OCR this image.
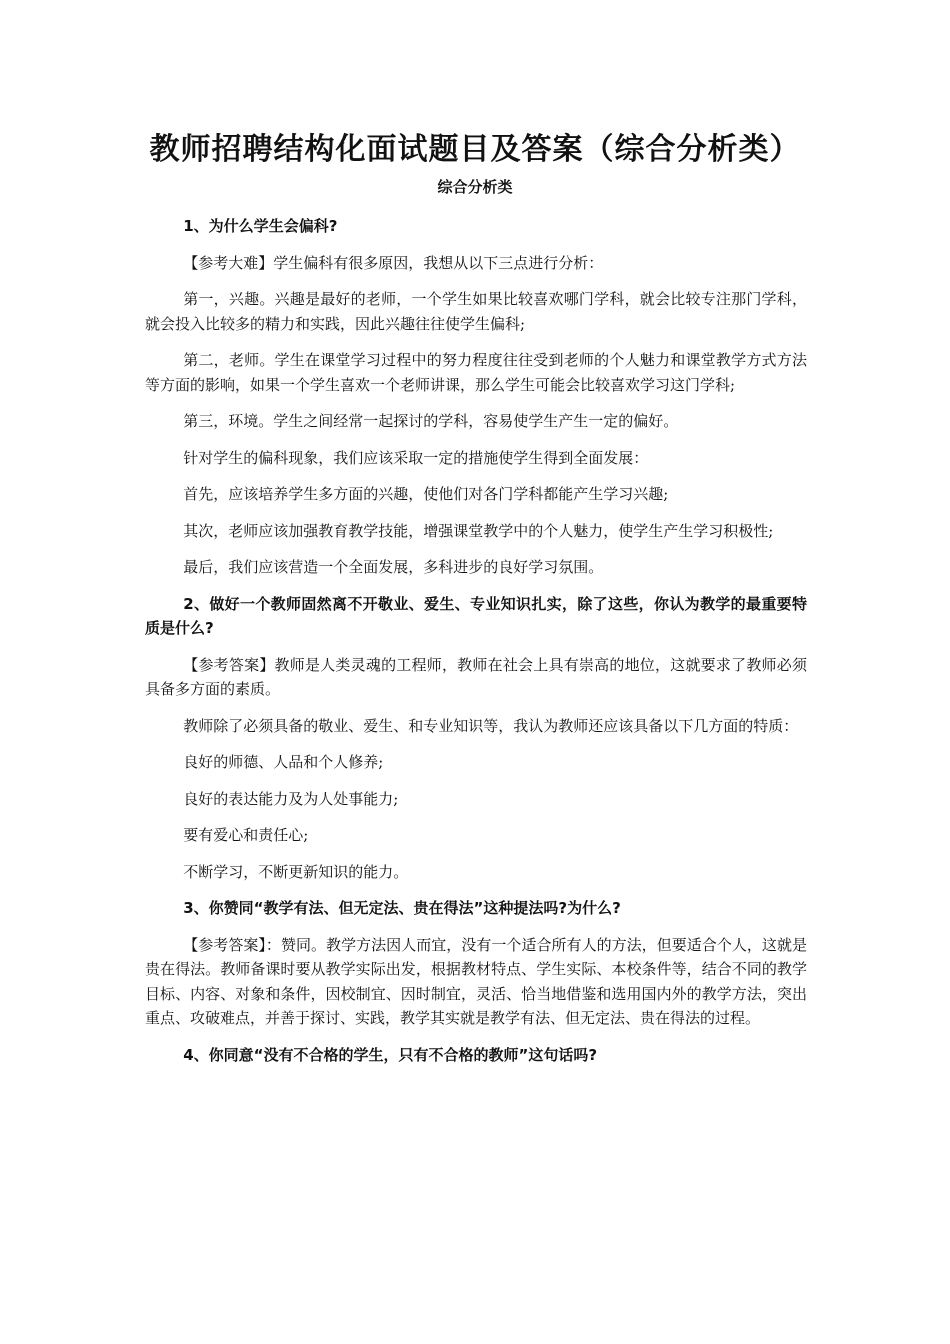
教师招聘结构化面试题目及答案（综合分析类）
综合分析类

1、为什么学生会偏科?

【参考大难】学生偏科有很多原因，我想从以下三点进行分析：

第一，兴趣。兴趣是最好的老师，一个学生如果比较喜欢哪门学科，就会比较专注那门学科，就会投入比较多的精力和实践，因此兴趣往往使学生偏科;

第二，老师。学生在课堂学习过程中的努力程度往往受到老师的个人魅力和课堂教学方式方法等方面的影响，如果一个学生喜欢一个老师讲课，那么学生可能会比较喜欢学习这门学科;

第三，环境。学生之间经常一起探讨的学科，容易使学生产生一定的偏好。

针对学生的偏科现象，我们应该采取一定的措施使学生得到全面发展：

首先，应该培养学生多方面的兴趣，使他们对各门学科都能产生学习兴趣;

其次，老师应该加强教育教学技能，增强课堂教学中的个人魅力，使学生产生学习积极性;

最后，我们应该营造一个全面发展，多科进步的良好学习氛围。

2、做好一个教师固然离不开敬业、爱生、专业知识扎实，除了这些，你认为教学的最重要特质是什么?

【参考答案】教师是人类灵魂的工程师，教师在社会上具有崇高的地位，这就要求了教师必须具备多方面的素质。

教师除了必须具备的敬业、爱生、和专业知识等，我认为教师还应该具备以下几方面的特质：

良好的师德、人品和个人修养;

良好的表达能力及为人处事能力;

要有爱心和责任心;

不断学习，不断更新知识的能力。

3、你赞同“教学有法、但无定法、贵在得法”这种提法吗?为什么?

【参考答案】：赞同。教学方法因人而宜，没有一个适合所有人的方法，但要适合个人，这就是贵在得法。教师备课时要从教学实际出发，根据教材特点、学生实际、本校条件等，结合不同的教学目标、内容、对象和条件，因校制宜、因时制宜，灵活、恰当地借鉴和选用国内外的教学方法，突出重点、攻破难点，并善于探讨、实践，教学其实就是教学有法、但无定法、贵在得法的过程。

4、你同意“没有不合格的学生，只有不合格的教师”这句话吗?
